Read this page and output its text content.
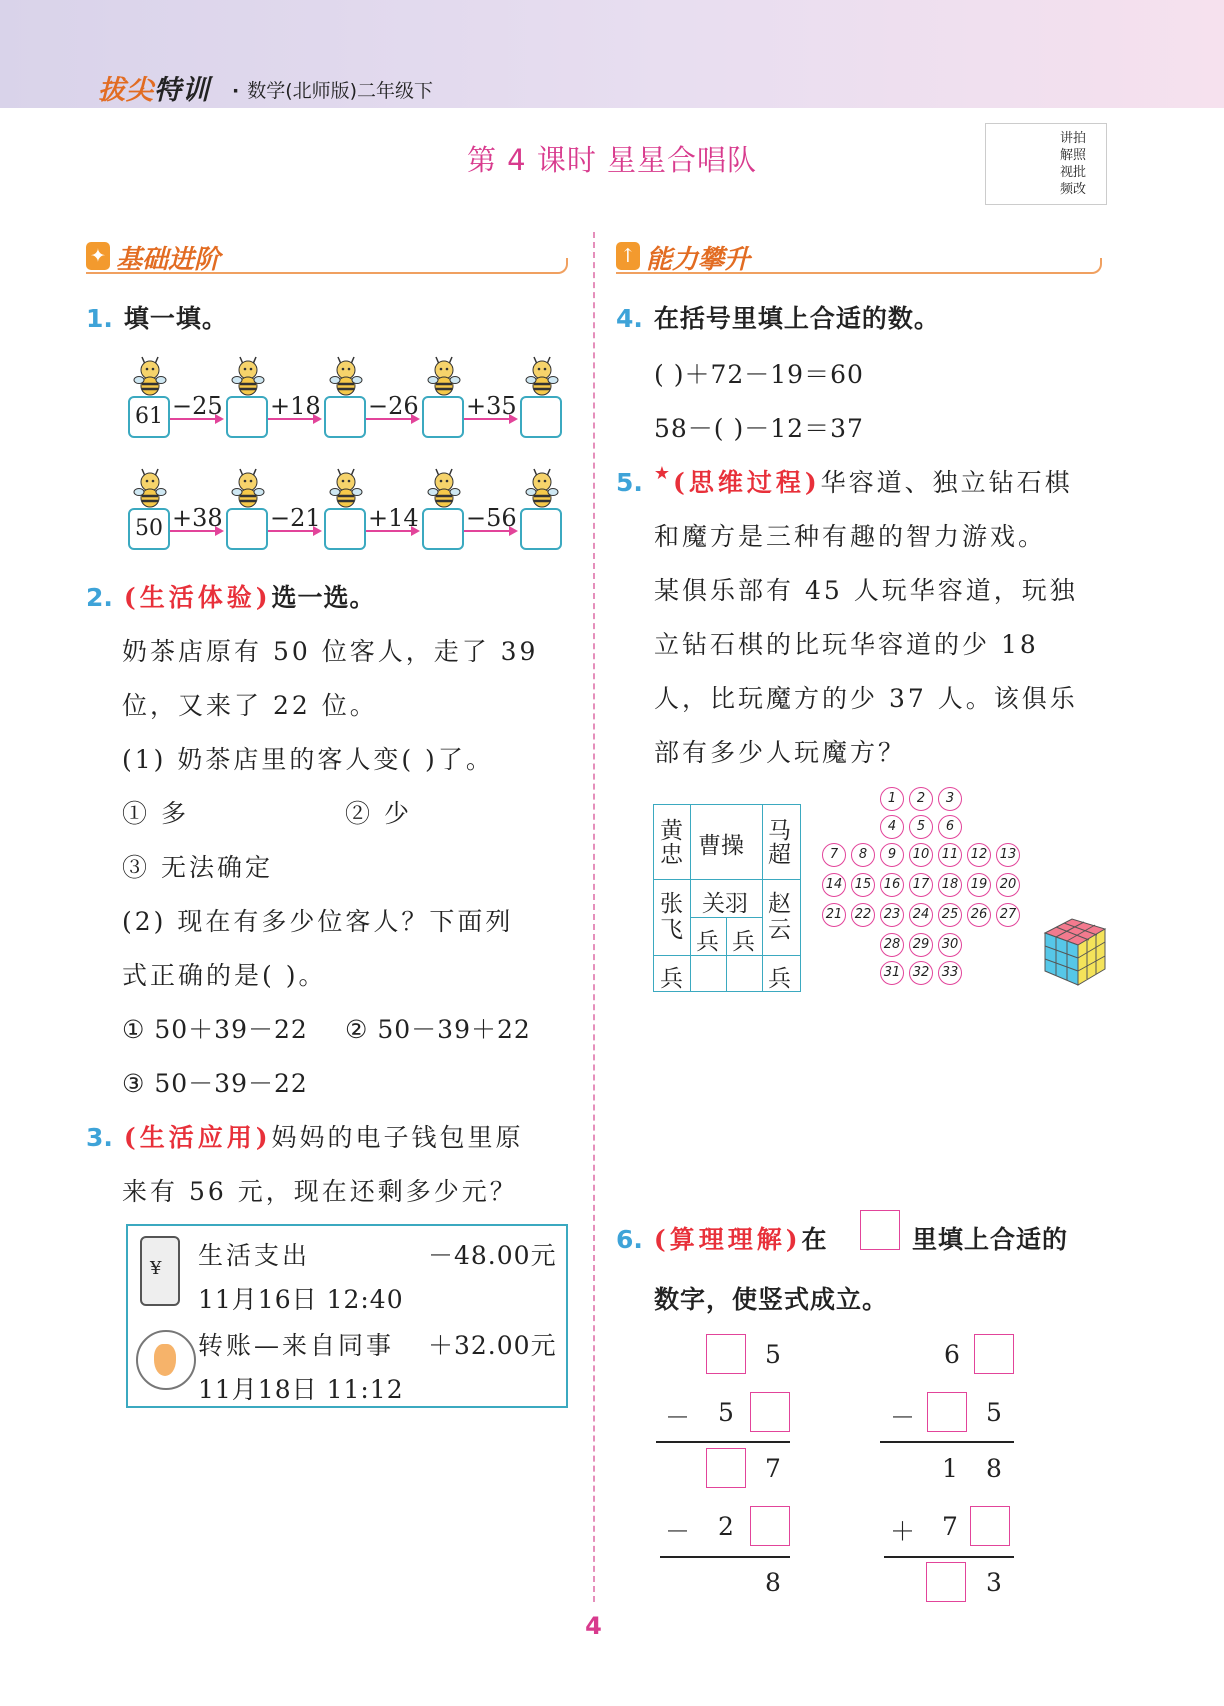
拔尖特训 · 数学(北师版)二年级下
第 4 课时 星星合唱队
讲拍
解照
视批
频改
✦ 基础进阶	↑ 能力攀升
1. 填一填。
61 −25 +18 −26 +35
50 +38 −21 +14 −56
2. (生活体验)选一选。
奶茶店原有 50 位客人，走了 39
位，又来了 22 位。
(1) 奶茶店里的客人变( )了。
① 多	② 少
③ 无法确定
(2) 现在有多少位客人？下面列
式正确的是( )。
① 50＋39－22 ② 50－39＋22
③ 50－39－22
3. (生活应用)妈妈的电子钱包里原
来有 56 元，现在还剩多少元？
¥ 生活支出	－48.00元
11月16日 12:40
转账—来自同事 ＋32.00元
11月18日 11:12
4. 在括号里填上合适的数。
( )＋72－19＝60
58－( )－12＝37
5. ★(思维过程)华容道、独立钻石棋
和魔方是三种有趣的智力游戏。
某俱乐部有 45 人玩华容道，玩独
立钻石棋的比玩华容道的少 18
人，比玩魔方的少 37 人。该俱乐
部有多少人玩魔方？
黄忠 曹操
马超
张飞
关羽 赵云
兵 兵
兵	兵
1	2	3
4	5	6
7	8	9	10 11 12 13
14 15 16 17 18 19 20
21 22 23 24 25 26 27
28 29 30
31 32 33
6. (算理理解)在	里填上合适的
数字，使竖式成立。
5
－ 5
7
－ 2
8
6
－	5
1 8
＋ 7
3
4
